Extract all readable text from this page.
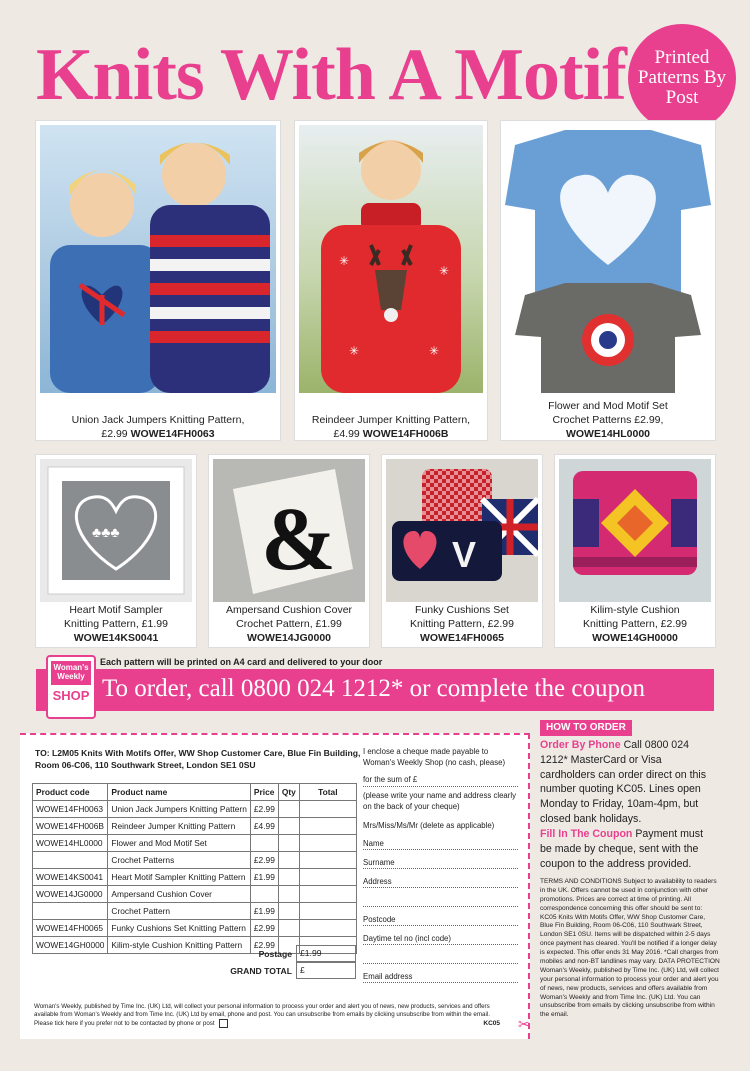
Knits With A Motif	Printed Patterns By Post
Union Jack Jumpers Knitting Pattern,
£2.99 WOWE14FH0063
✳
✳
✳	✳
Reindeer Jumper Knitting Pattern,
£4.99 WOWE14FH006B
Flower and Mod Motif Set
Crochet Patterns £2.99,
WOWE14HL0000
♣♣♣
Heart Motif Sampler
Knitting Pattern, £1.99
WOWE14KS0041
&
Ampersand Cushion Cover
Crochet Pattern, £1.99
WOWE14JG0000
V
Funky Cushions Set
Knitting Pattern, £2.99
WOWE14FH0065
Kilim-style Cushion
Knitting Pattern, £2.99
WOWE14GH0000
Each pattern will be printed on A4 card and delivered to your door
To order, call 0800 024 1212* or complete the coupon
Woman's Weekly
SHOP
TO: L2M05 Knits With Motifs Offer, WW Shop Customer Care, Blue Fin Building, Room 06-C06, 110 Southwark Street, London SE1 0SU
Product code	Product name	Price	Qty	Total
WOWE14FH0063	Union Jack Jumpers Knitting Pattern	£2.99		
WOWE14FH006B	Reindeer Jumper Knitting Pattern	£4.99		
WOWE14HL0000	Flower and Mod Motif Set			
	Crochet Patterns	£2.99		
WOWE14KS0041	Heart Motif Sampler Knitting Pattern	£1.99		
WOWE14JG0000	Ampersand Cushion Cover			
	Crochet Pattern	£1.99		
WOWE14FH0065	Funky Cushions Set Knitting Pattern	£2.99		
WOWE14GH0000	Kilim-style Cushion Knitting Pattern	£2.99		
Postage £1.99
GRAND TOTAL £
I enclose a cheque made payable to Woman's Weekly Shop (no cash, please)
for the sum of £
(please write your name and address clearly on the back of your cheque)
Mrs/Miss/Ms/Mr (delete as applicable)
Name
Surname
Address
Postcode
Daytime tel no (incl code)
Email address
Woman's Weekly, published by Time Inc. (UK) Ltd, will collect your personal information to process your order and alert you of news, new products, services and offers available from Woman's Weekly and from Time Inc. (UK) Ltd by email, phone and post. You can unsubscribe from emails by clicking unsubscribe from within the email.
Please tick here if you prefer not to be contacted by phone or post	KC05 ✂
HOW TO ORDER
Order By Phone Call 0800 024 1212* MasterCard or Visa cardholders can order direct on this number quoting KC05. Lines open Monday to Friday, 10am-4pm, but closed bank holidays.
Fill In The Coupon Payment must be made by cheque, sent with the coupon to the address provided.
TERMS AND CONDITIONS Subject to availability to readers in the UK. Offers cannot be used in conjunction with other promotions. Prices are correct at time of printing. All correspondence concerning this offer should be sent to: KC05 Knits With Motifs Offer, WW Shop Customer Care, Blue Fin Building, Room 06-C06, 110 Southwark Street, London SE1 0SU. Items will be dispatched within 2-5 days once payment has cleared. You'll be notified if a longer delay is expected. This offer ends 31 May 2016. *Call charges from mobiles and non-BT landlines may vary. DATA PROTECTION Woman's Weekly, published by Time Inc. (UK) Ltd, will collect your personal information to process your order and alert you of news, new products, services and offers available from Woman's Weekly and from Time Inc. (UK) Ltd. You can unsubscribe from emails by clicking unsubscribe from within the email.
